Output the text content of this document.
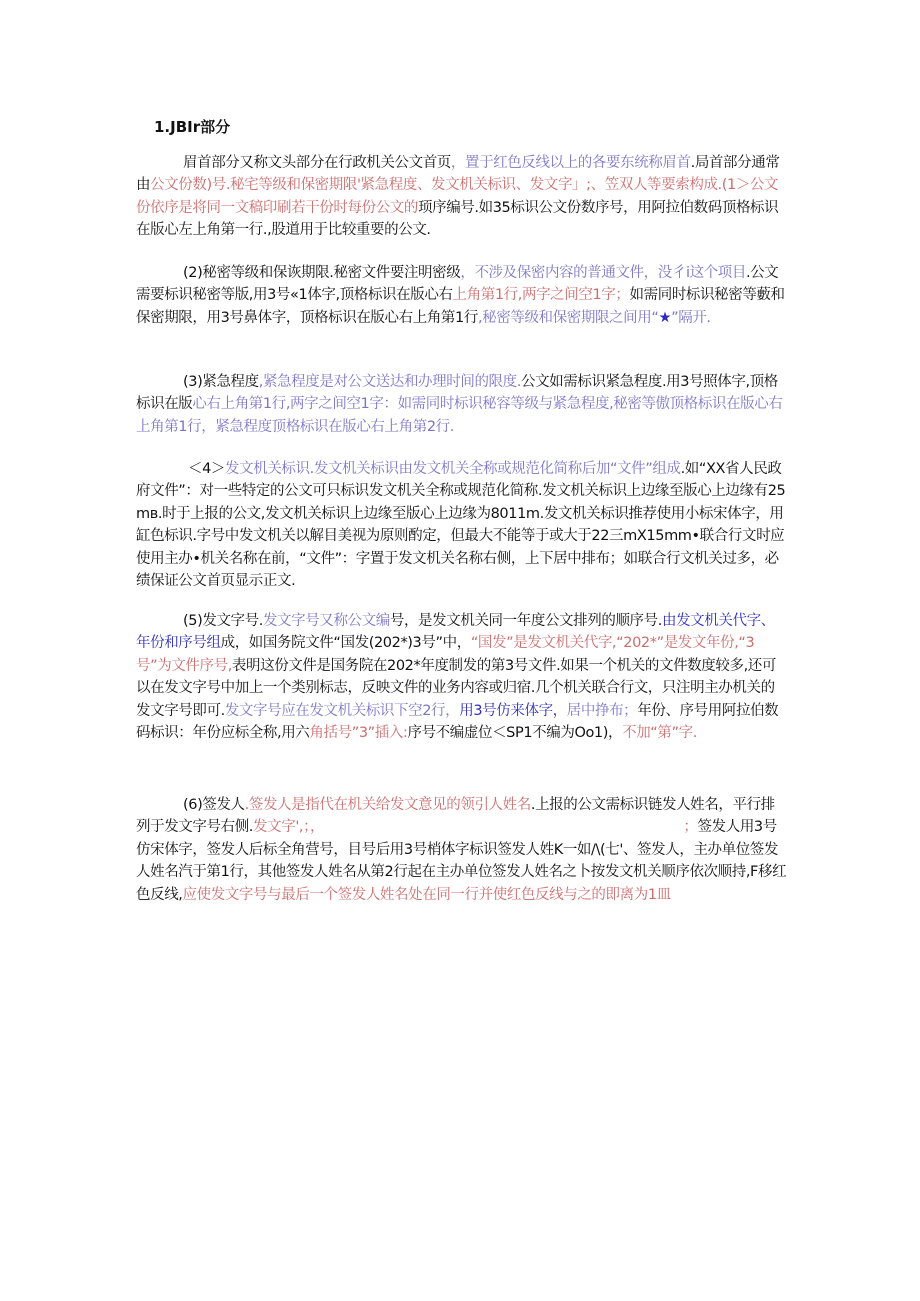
1.JBIr部分
眉首部分又称文头部分在行政机关公文首页，置于红色反线以上的各要东统称眉首.局首部分通常由公文份数)号.秘宅等级和保密期限'紧急程度、发文机关标识、发文字」;、笠双人等要索构成.(1＞公文份依序是将同一文稿印刷若干份时每份公文的顼序编号.如35标识公文份数序号，用阿拉伯数码顶格标识在版心左上角第一行.,股道用于比较重要的公文.
(2)秘密等级和保诙期限.秘密文件要注明密级，不涉及保密内容的普通文件，没彳i这个项目.公文需要标识秘密等版,用3号«1体字,顶格标识在版心右上角第1行,两字之间空1字；如需同时标识秘密等藪和保密期限，用3号鼻体字，顶格标识在版心右上角第1行,秘密等级和保密期限之间用“★”隔开.
(3)紧急程度,紧急程度是对公文送达和办理时间的限度.公文如需标识紧急程度.用3号照体字,顶格标识在版心右上角第1行,两字之间空1字：如需同时标识秘容等级与紧急程度,秘密等傲顶格标识在版心右上角第1行，紧急程度顶格标识在版心右上角第2行.
＜4＞发文机关标识.发文机关标识由发文机关全称或规范化简称后加“文件”组成.如“XX省人民政府文件”：对一些特定的公文可只标识发文机关全称或规范化简称.发文机关标识上边缘至版心上边缘有25mв.时于上报的公文,发文机关标识上边缘至版心上边缘为8011m.发文机关标识推荐使用小标宋体字，用缸色标识.字号中发文机关以解目美视为原则酌定，但最大不能等于或大于22三mX15mm•联合行文时应使用主办•机关名称在前，“文件”：字置于发文机关名称右侧，上下居中排布；如联合行文机关过多，必绩保证公文首页显示正文.
(5)发文字号.发文字号又称公文编号，是发文机关同一年度公文排列的顺序号.由发文机关代字、年份和序号组成，如国务院文件“国发(202*)3号”中，“国发”是发文机关代字,“202*”是发文年份,“3号”为文件序号,表明这份文件是国务院在202*年度制发的第3号文件.如果一个机关的文件数度较多,还可以在发文字号中加上一个类别标志，反映文件的业务内容或归宿.几个机关联合行文，只注明主办机关的发文字号即可.发文字号应在发文机关标识下空2行，用3号仿来体字，居中挣布；年份、序号用阿拉伯数码标识：年份应标全称,用六角括号”3”插入:序号不编虚位＜SP1不编为Oo1)，不加“第”字.
(6)签发人.签发人是指代在机关给发文意见的领引人姓名.上报的公文需标识链发人姓名，平行排列于发文字号右侧.发文字',；，　　　　　　　　　　　　　　　　　　　　　　　　　　；签发人用3号仿宋体字，签发人后标全角营号，目号后用3号梢体字标识签发人姓K一如/\(七'、签发人，主办单位签发人姓名汽于第1行，其他签发人姓名从第2行起在主办单位签发人姓名之卜按发文机关顺序依次顺持,F移红色反线,应使发文字号与最后一个签发人姓名处在同一行并使红色反线与之的即离为1皿
